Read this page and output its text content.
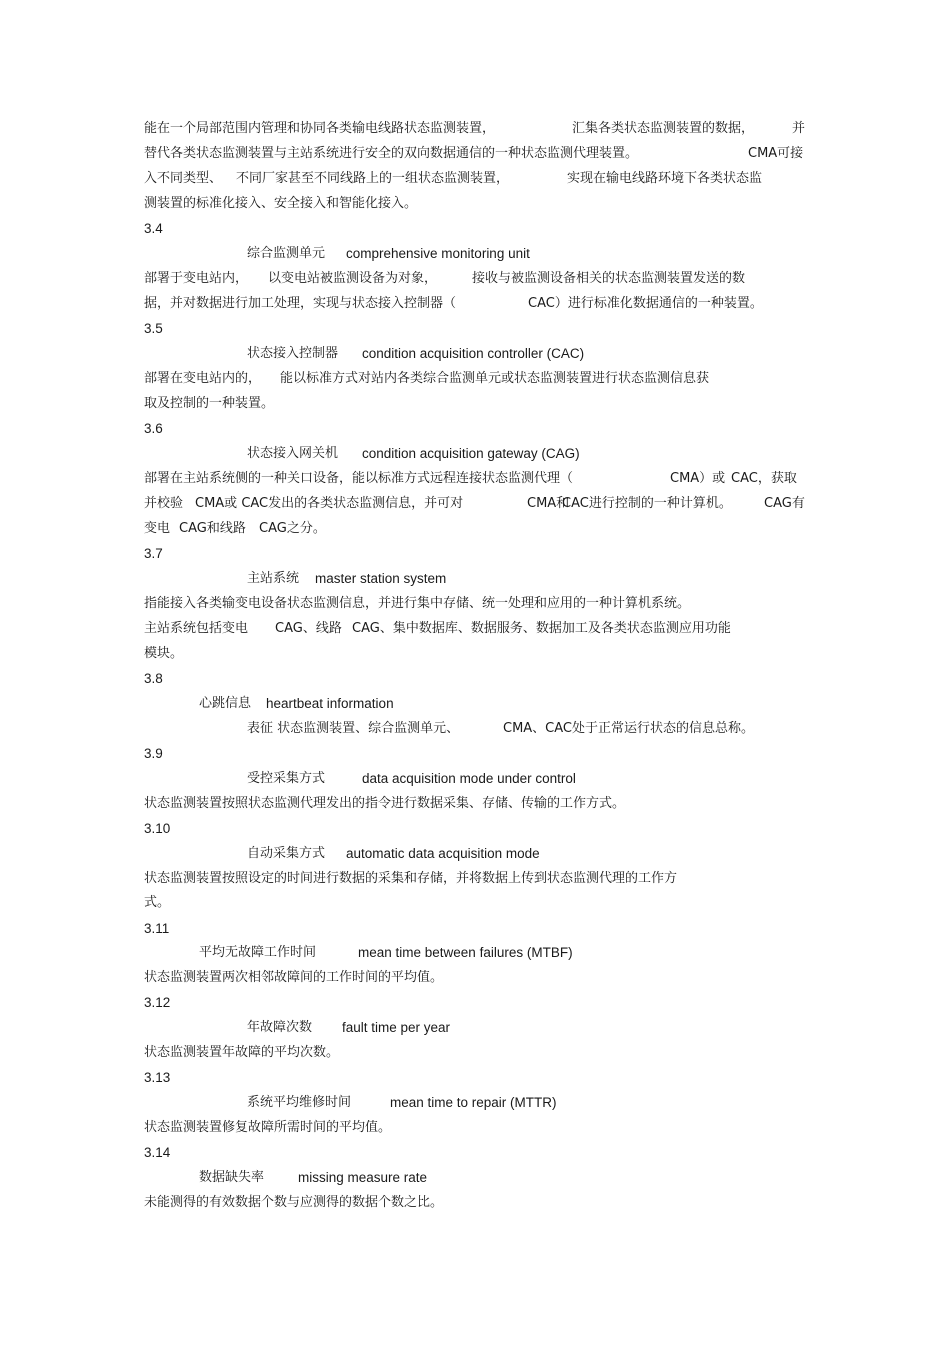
能在一个局部范围内管理和协同各类输电线路状态监测装置，	汇集各类状态监测装置的数据，	并
替代各类状态监测装置与主站系统进行安全的双向数据通信的一种状态监测代理装置。	CMA可接
入不同类型、 不同厂家甚至不同线路上的一组状态监测装置，	实现在输电线路环境下各类状态监
测装置的标准化接入、安全接入和智能化接入。
3.4
综合监测单元 comprehensive monitoring unit
部署于变电站内， 以变电站被监测设备为对象，	接收与被监测设备相关的状态监测装置发送的数
据，并对数据进行加工处理，实现与状态接入控制器（	CAC）进行标准化数据通信的一种装置。
3.5
状态接入控制器 condition acquisition controller (CAC)
部署在变电站内的， 能以标准方式对站内各类综合监测单元或状态监测装置进行状态监测信息获
取及控制的一种装置。
3.6
状态接入网关机 condition acquisition gateway (CAG)
部署在主站系统侧的一种关口设备，能以标准方式远程连接状态监测代理（	CMA）或 CAC，获取
并校验 CMA或 CAC发出的各类状态监测信息，并可对	CMA和
CAC进行控制的一种计算机。 CAG有
变电 CAG和线路 CAG之分。
3.7
主站系统 master station system
指能接入各类输变电设备状态监测信息，并进行集中存储、统一处理和应用的一种计算机系统。
主站系统包括变电 CAG、线路 CAG、集中数据库、数据服务、数据加工及各类状态监测应用功能
模块。
3.8
心跳信息 heartbeat information
表征 状态监测装置、综合监测单元、	CMA、CAC处于正常运行状态的信息总称。
3.9
受控采集方式	data acquisition mode under control
状态监测装置按照状态监测代理发出的指令进行数据采集、存储、传输的工作方式。
3.10
自动采集方式 automatic data acquisition mode
状态监测装置按照设定的时间进行数据的采集和存储，并将数据上传到状态监测代理的工作方
式。
3.11
平均无故障工作时间	mean time between failures (MTBF)
状态监测装置两次相邻故障间的工作时间的平均值。
3.12
年故障次数 fault time per year
状态监测装置年故障的平均次数。
3.13
系统平均维修时间	mean time to repair (MTTR)
状态监测装置修复故障所需时间的平均值。
3.14
数据缺失率	missing measure rate
未能测得的有效数据个数与应测得的数据个数之比。
